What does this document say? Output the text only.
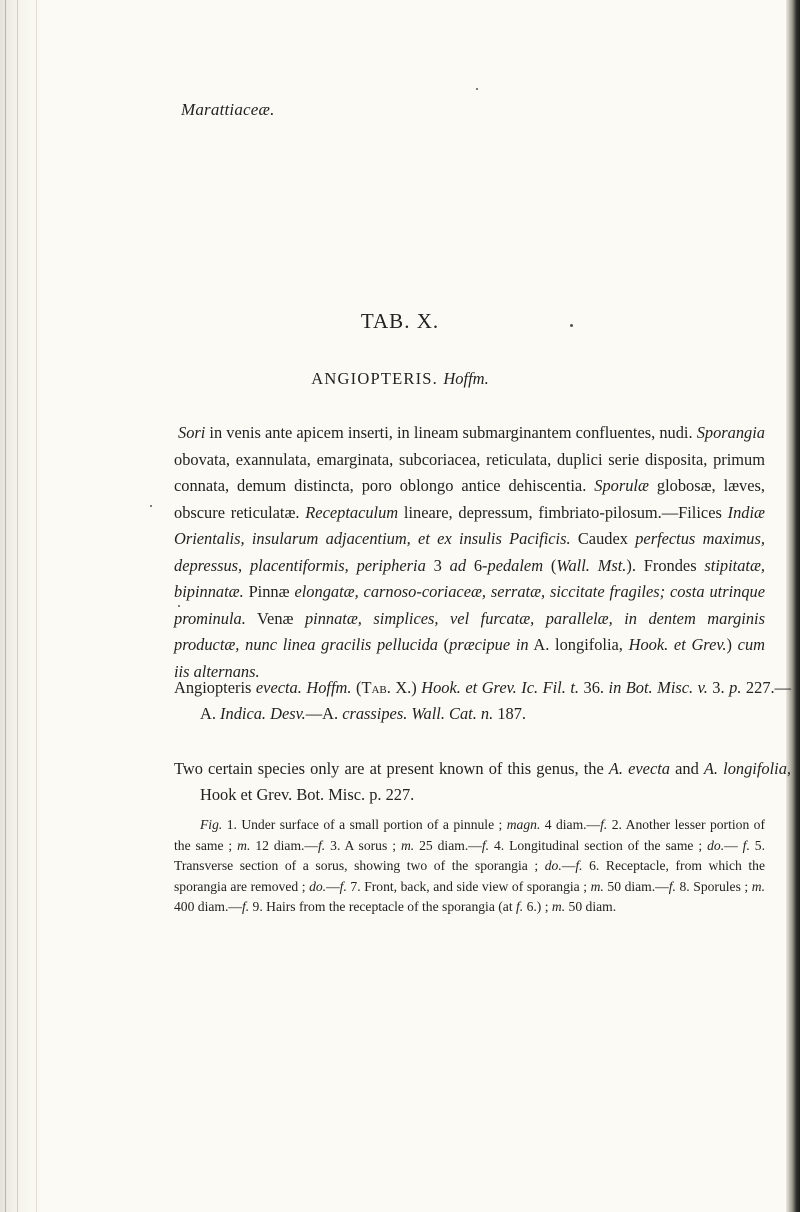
Marattiaceæ.
TAB. X.
ANGIOPTERIS. Hoffm.

Sori in venis ante apicem inserti, in lineam submarginantem confluentes, nudi. Sporangia obovata, exannulata, emarginata, subcoriacea, reticulata, duplici serie disposita, primum connata, demum distincta, poro oblongo antice dehiscentia. Sporulæ globosæ, læves, obscure reticulatæ. Receptaculum lineare, depressum, fimbriato-pilosum.—Filices Indiæ Orientalis, insularum adjacentium, et ex insulis Pacificis. Caudex perfectus maximus, depressus, placentiformis, peripheria 3 ad 6-pedalem (Wall. Mst.). Frondes stipitatæ, bipinnatæ. Pinnæ elongatæ, carnoso-coriaceæ, serratæ, siccitate fragiles; costa utrinque prominula. Venæ pinnatæ, simplices, vel furcatæ, parallelæ, in dentem marginis productæ, nunc linea gracilis pellucida (præcipue in A. longifolia, Hook. et Grev.) cum iis alternans.

Angiopteris evecta. Hoffm. (Tab. X.) Hook. et Grev. Ic. Fil. t. 36. in Bot. Misc. v. 3. p. 227.—A. Indica. Desv.—A. crassipes. Wall. Cat. n. 187.

Two certain species only are at present known of this genus, the A. evecta and A. longifolia, Hook et Grev. Bot. Misc. p. 227.

Fig. 1. Under surface of a small portion of a pinnule ; magn. 4 diam.—f. 2. Another lesser portion of the same ; m. 12 diam.—f. 3. A sorus ; m. 25 diam.—f. 4. Longitudinal section of the same ; do.— f. 5. Transverse section of a sorus, showing two of the sporangia ; do.—f. 6. Receptacle, from which the sporangia are removed ; do.—f. 7. Front, back, and side view of sporangia ; m. 50 diam.—f. 8. Sporules ; m. 400 diam.—f. 9. Hairs from the receptacle of the sporangia (at f. 6.) ; m. 50 diam.
